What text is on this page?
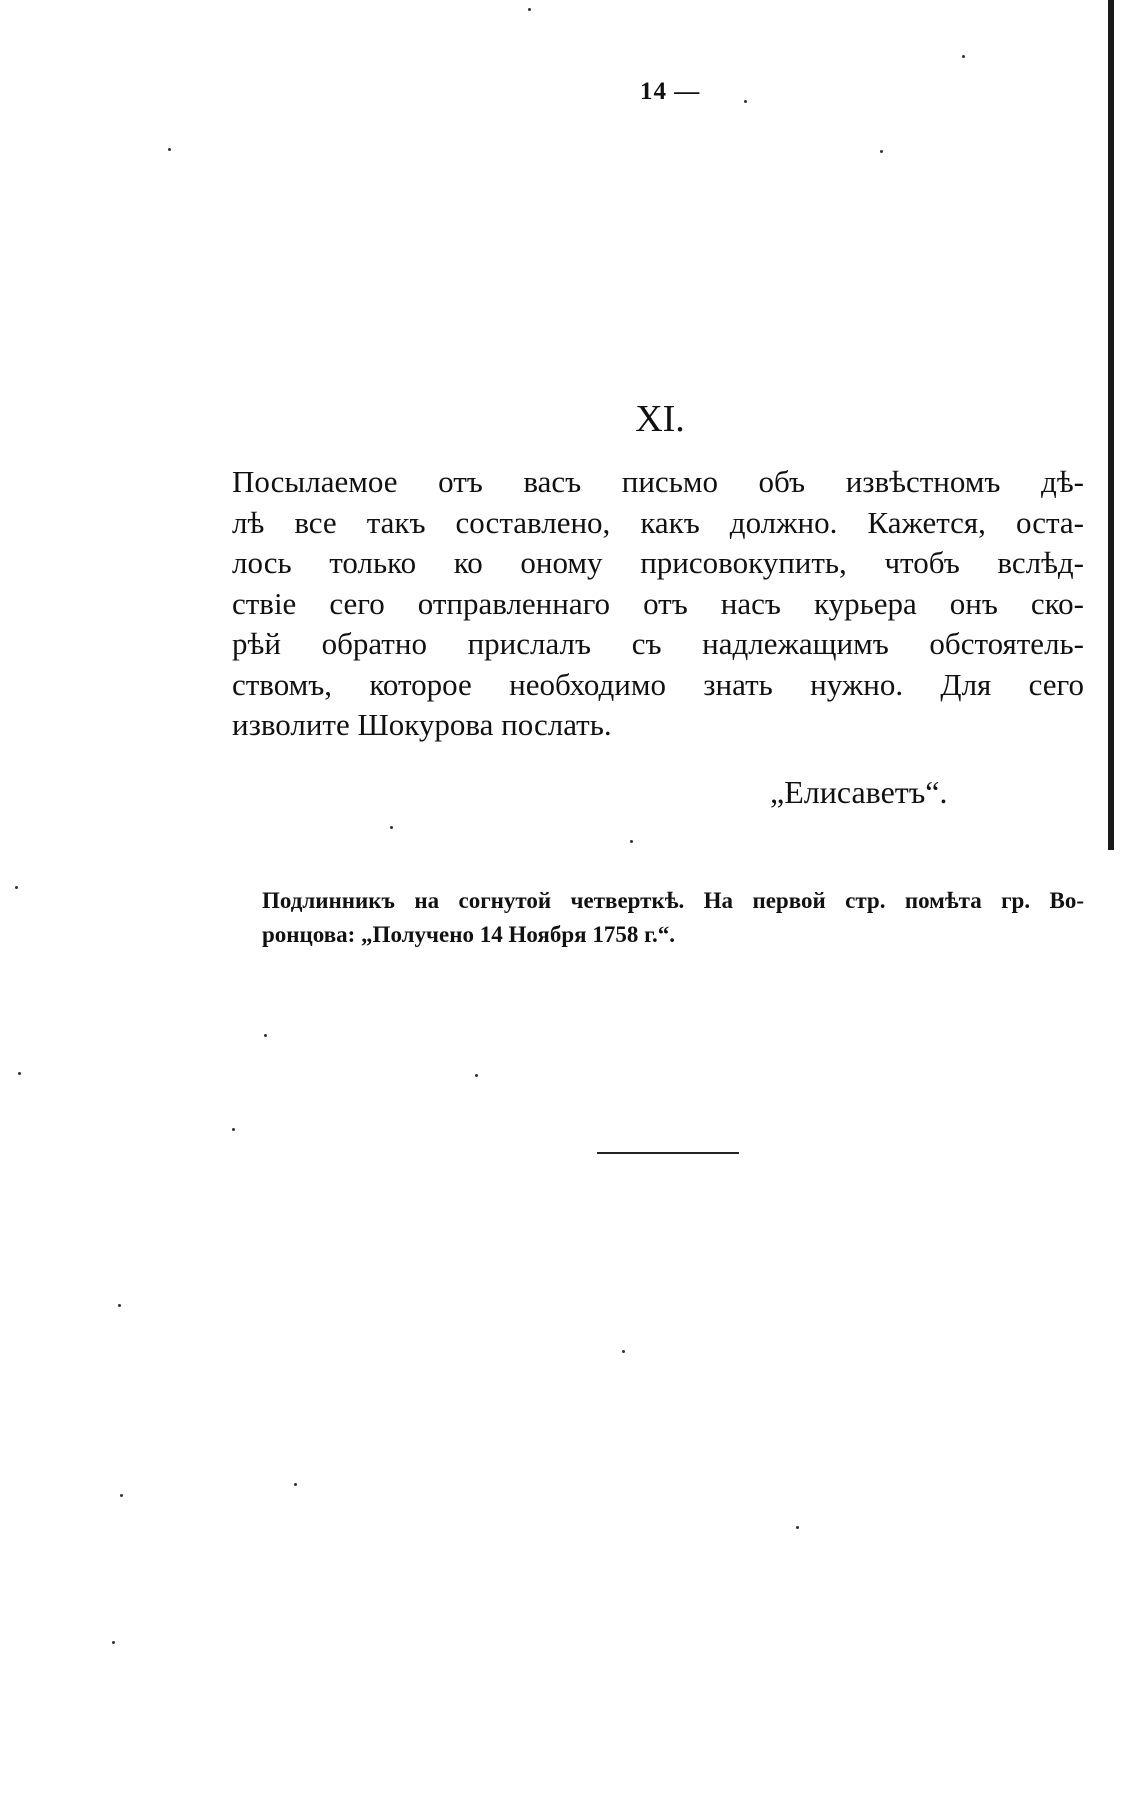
14 —
XI.
Посылаемое отъ васъ письмо объ извѣстномъ дѣ-
лѣ все такъ составлено, какъ должно. Кажется, оста-
лось только ко оному присовокупить, чтобъ вслѣд-
ствіе сего отправленнаго отъ насъ курьера онъ ско-
рѣй обратно прислалъ съ надлежащимъ обстоятель-
ствомъ, которое необходимо знать нужно. Для сего
изволите Шокурова послать.
„Елисаветъ“.
Подлинникъ на согнутой четверткѣ. На первой стр. помѣта гр. Во-
ронцова: „Получено 14 Ноября 1758 г.“.
